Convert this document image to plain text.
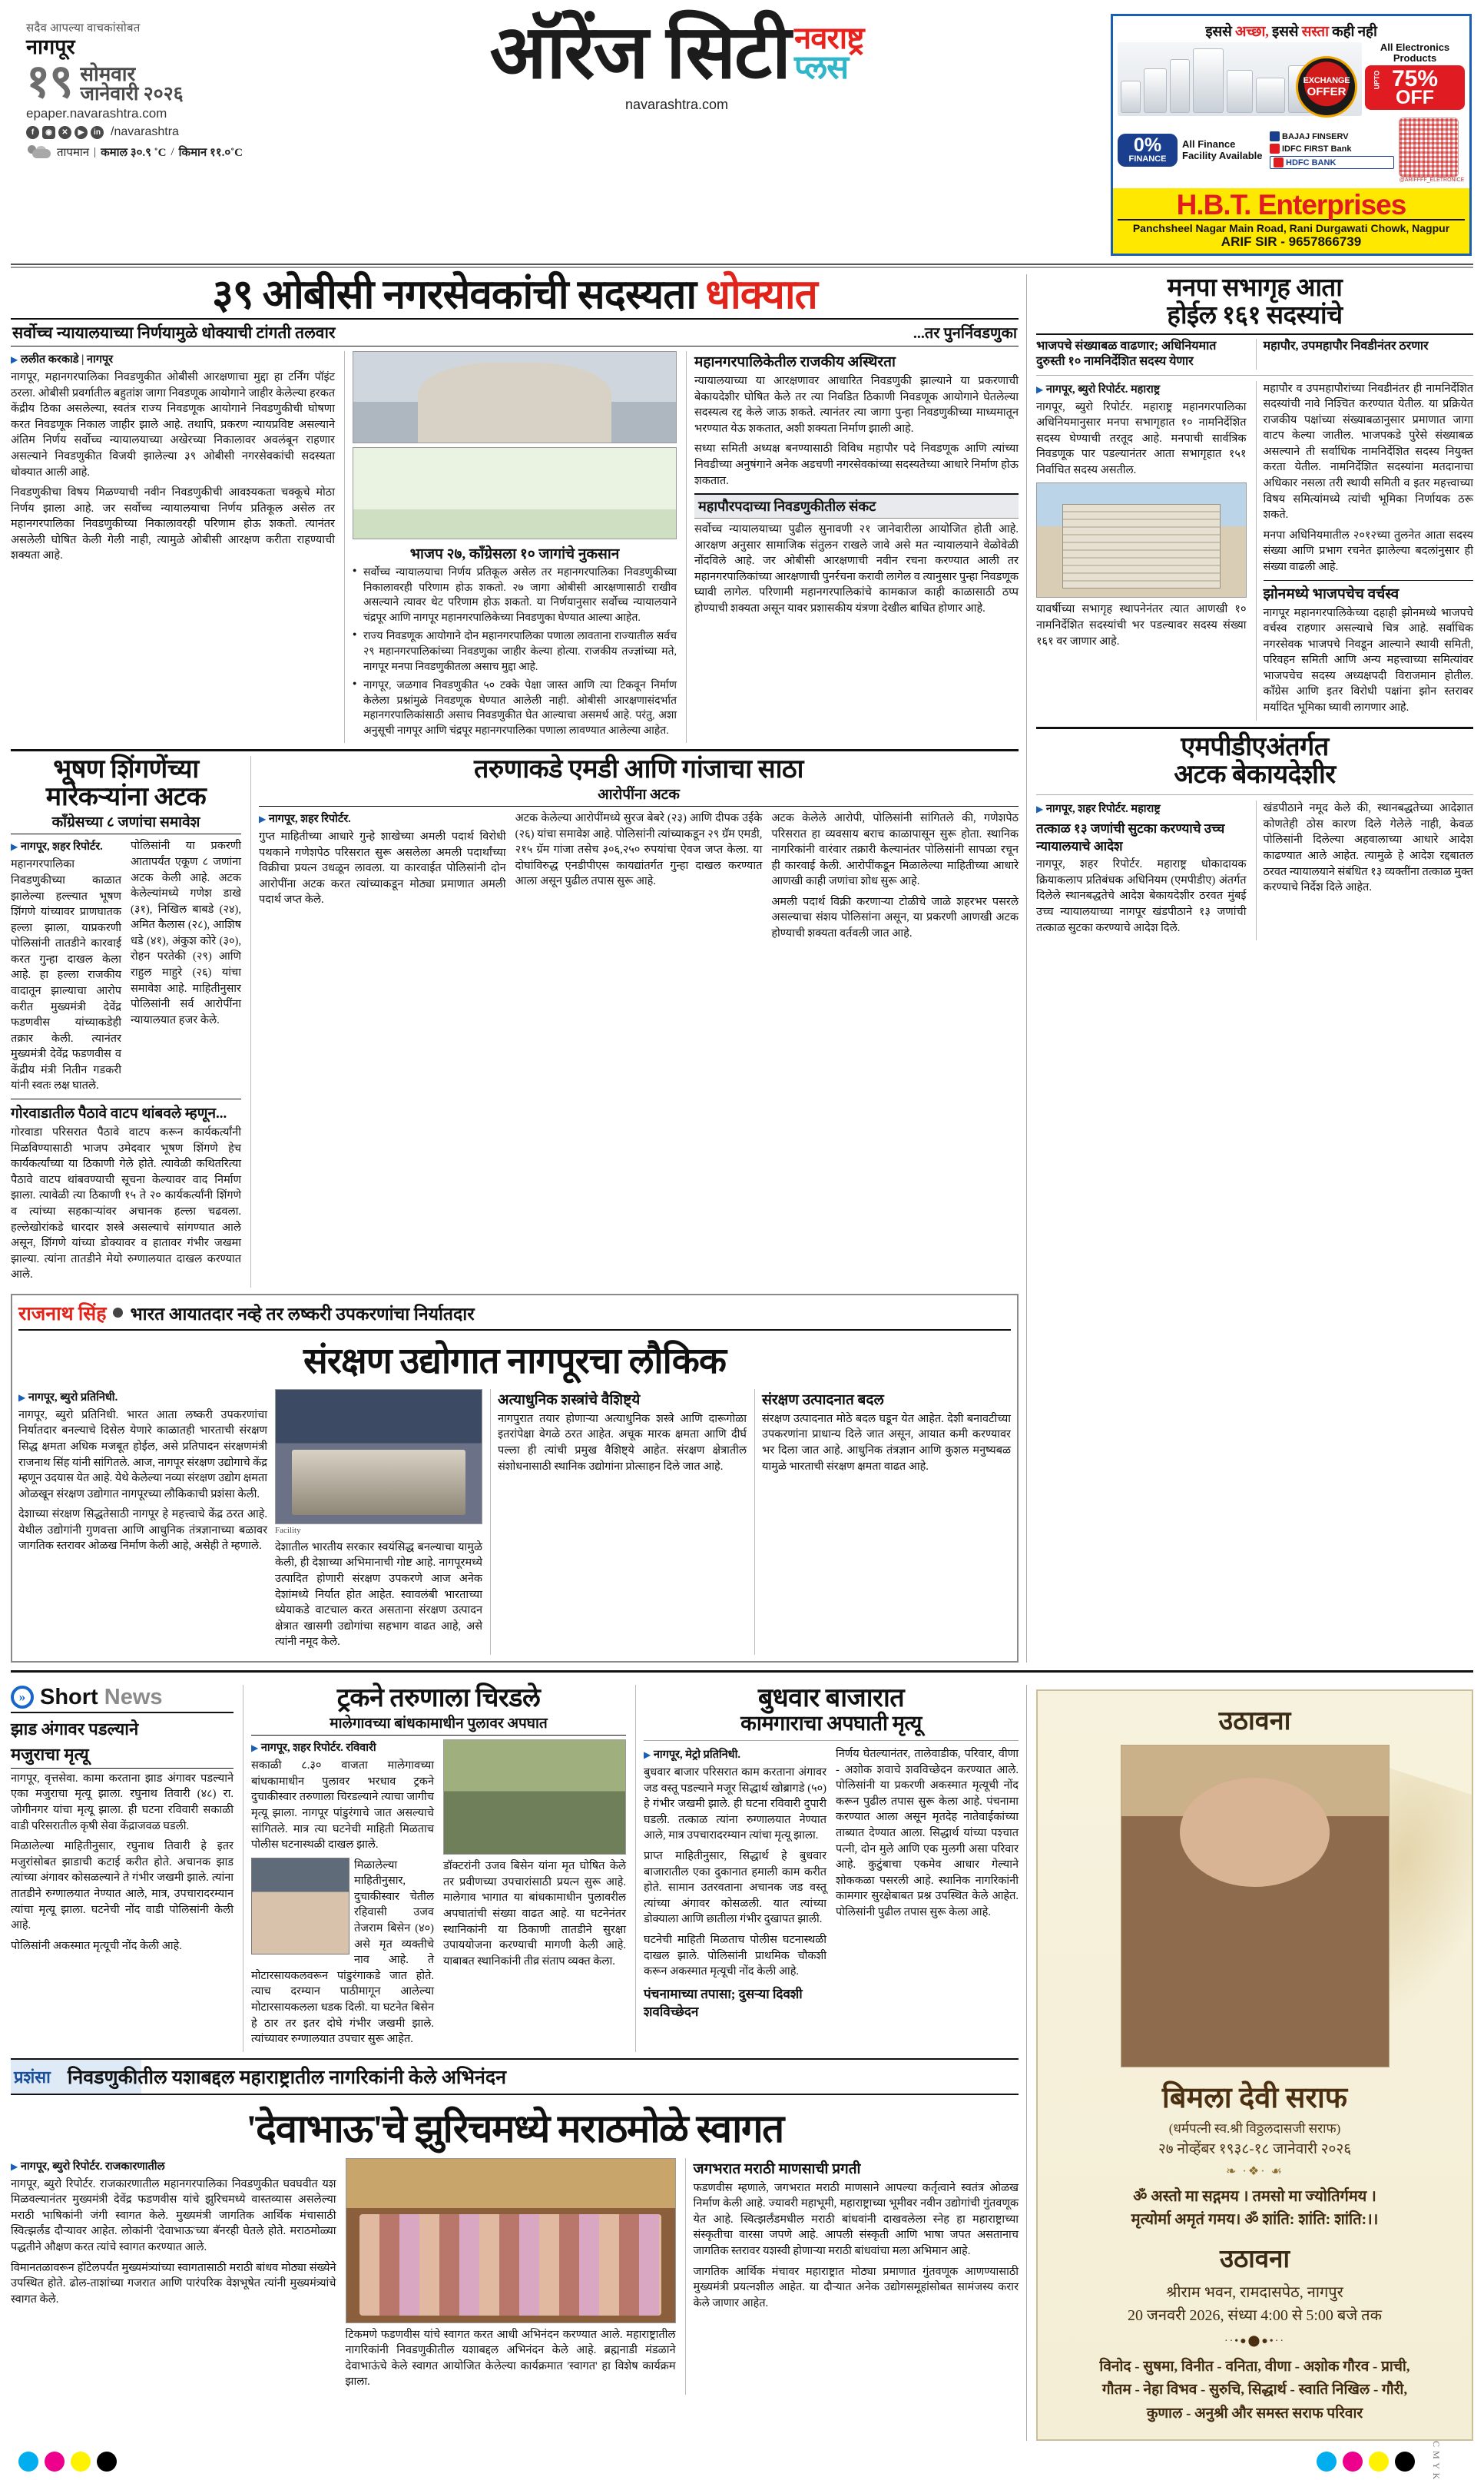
सदैव आपल्या वाचकांसोबत
नागपूर
१९ सोमवार
जानेवारी २०२६
epaper.navarashtra.com
f	◉	✕	▶	in /navarashtra
तापमान | कमाल ३०.९ ˚C / किमान ११.०˚C
ऑरेंज सिटी नवराष्ट्र
प्लस
navarashtra.com
इससे अच्छा, इससे सस्ता कही नही
All Electronics Products
UPTO 75%
OFF
EXCHANGE
OFFER
0%
FINANCE
All Finance Facility Available
BAJAJ FINSERV
IDFC FIRST Bank
HDFC BANK
@ARIFFFF_ELETRONICE
H.B.T. Enterprises
Panchsheel Nagar Main Road, Rani Durgawati Chowk, Nagpur
ARIF SIR - 9657866739
३९ ओबीसी नगरसेवकांची सदस्यता धोक्यात
सर्वोच्च न्यायालयाच्या निर्णयामुळे धोक्याची टांगती तलवार	...तर पुनर्निवडणुका
▶ ललीत करकाडे | नागपूर

नागपूर, महानगरपालिका निवडणुकीत ओबीसी आरक्षणाचा मुद्दा हा टर्निंग पॉइंट ठरला. ओबीसी प्रवर्गातील बहुतांश जागा निवडणूक आयोगाने जाहीर केलेल्या हरकत केंद्रीय ठिका असलेल्या, स्वतंत्र राज्य निवडणूक आयोगाने निवडणुकीची घोषणा करत निवडणूक निकाल जाहीर झाले आहे. तथापि, प्रकरण न्यायप्रविष्ट असल्याने अंतिम निर्णय सर्वोच्च न्यायालयाच्या अखेरच्या निकालावर अवलंबून राहणार असल्याने निवडणुकीत विजयी झालेल्या ३९ ओबीसी नगरसेवकांची सदस्यता धोक्यात आली आहे.

निवडणुकीचा विषय मिळण्याची नवीन निवडणुकीची आवश्यकता चक्कूचे मोठा निर्णय झाला आहे. जर सर्वोच्च न्यायालयाचा निर्णय प्रतिकूल असेल तर महानगरपालिका निवडणुकीच्या निकालावरही परिणाम होऊ शकतो. त्यानंतर असलेली घोषित केली गेली नाही, त्यामुळे ओबीसी आरक्षण करीता राहण्याची शक्यता आहे.	भाजप २७, काँग्रेसला १० जागांचे नुकसान
● सर्वोच्च न्यायालयाचा निर्णय प्रतिकूल असेल तर महानगरपालिका निवडणुकीच्या निकालावरही परिणाम होऊ शकतो. २७ जागा ओबीसी आरक्षणासाठी राखीव असल्याने त्यावर थेट परिणाम होऊ शकतो. या निर्णयानुसार सर्वोच्च न्यायालयाने चंद्रपूर आणि नागपूर महानगरपालिकेच्या निवडणुका घेण्यात आल्या आहेत.
● राज्य निवडणूक आयोगाने दोन महानगरपालिका पणाला लावताना राज्यातील सर्वच २९ महानगरपालिकांच्या निवडणुका जाहीर केल्या होत्या. राजकीय तज्ज्ञांच्या मते, नागपूर मनपा निवडणुकीतला असाच मुद्दा आहे.
● नागपूर, जळगाव निवडणुकीत ५० टक्के पेक्षा जास्त आणि त्या टिकवून निर्माण केलेला प्रश्नांमुळे निवडणूक घेण्यात आलेली नाही. ओबीसी आरक्षणासंदर्भात महानगरपालिकांसाठी असाच निवडणुकीत घेत आल्याचा असमर्थ आहे. परंतु, अशा अनुसूची नागपूर आणि चंद्रपूर महानगरपालिका पणाला लावण्यात आलेल्या आहेत.
महानगरपालिकेतील राजकीय अस्थिरता

न्यायालयाच्या या आरक्षणावर आधारित निवडणुकी झाल्याने या प्रकरणाची बेकायदेशीर घोषित केले तर त्या निवडित ठिकाणी निवडणूक आयोगाने घेतलेल्या सदस्यत्व रद्द केले जाऊ शकते. त्यानंतर त्या जागा पुन्हा निवडणुकीच्या माध्यमातून भरण्यात येऊ शकतात, अशी शक्यता निर्माण झाली आहे.

सध्या समिती अध्यक्ष बनण्यासाठी विविध महापौर पदे निवडणूक आणि त्यांच्या निवडीच्या अनुषंगाने अनेक अडचणी नगरसेवकांच्या सदस्यतेच्या आधारे निर्माण होऊ शकतात.

महापौरपदाच्या निवडणुकीतील संकट

सर्वोच्च न्यायालयाच्या पुढील सुनावणी २१ जानेवारीला आयोजित होती आहे. आरक्षण अनुसार सामाजिक संतुलन राखले जावे असे मत न्यायालयाने वेळोवेळी नोंदविले आहे. जर ओबीसी आरक्षणाची नवीन रचना करण्यात आली तर महानगरपालिकांच्या आरक्षणाची पुनर्रचना करावी लागेल व त्यानुसार पुन्हा निवडणूक घ्यावी लागेल. परिणामी महानगरपालिकांचे कामकाज काही काळासाठी ठप्प होण्याची शक्यता असून यावर प्रशासकीय यंत्रणा देखील बाधित होणार आहे.

भूषण शिंगणेंच्या
मारेकऱ्यांना अटक
काँग्रेसच्या ८ जणांचा समावेश
▶ नागपूर, शहर रिपोर्टर.

महानगरपालिका निवडणुकीच्या काळात झालेल्या हल्ल्यात भूषण शिंगणे यांच्यावर प्राणघातक हल्ला झाला, याप्रकरणी पोलिसांनी तातडीने कारवाई करत गुन्हा दाखल केला आहे. हा हल्ला राजकीय वादातून झाल्याचा आरोप करीत मुख्यमंत्री देवेंद्र फडणवीस यांच्याकडेही तक्रार केली. त्यानंतर मुख्यमंत्री देवेंद्र फडणवीस व केंद्रीय मंत्री नितीन गडकरी यांनी स्वतः लक्ष घातले.

पोलिसांनी या प्रकरणी आतापर्यंत एकूण ८ जणांना अटक केली आहे. अटक केलेल्यांमध्ये गणेश डाखे (३१), निखिल बाबडे (२४), अमित कैलास (२८), आशिष धडे (४१), अंकुश कोरे (३०), रोहन परतेकी (२९) आणि राहुल माहुरे (२६) यांचा समावेश आहे. माहितीनुसार पोलिसांनी सर्व आरोपींना न्यायालयात हजर केले.

गोरवाडातील पैठावे वाटप थांबवले म्हणून...

गोरवाडा परिसरात पैठावे वाटप करून कार्यकर्त्यांनी मिळविण्यासाठी भाजप उमेदवार भूषण शिंगणे हेच कार्यकर्त्यांच्या या ठिकाणी गेले होते. त्यावेळी कथितरित्या पैठावे वाटप थांबवण्याची सूचना केल्यावर वाद निर्माण झाला. त्यावेळी त्या ठिकाणी १५ ते २० कार्यकर्त्यांनी शिंगणे व त्यांच्या सहकाऱ्यांवर अचानक हल्ला चढवला. हल्लेखोरांकडे धारदार शस्त्रे असल्याचे सांगण्यात आले असून, शिंगणे यांच्या डोक्यावर व हातावर गंभीर जखमा झाल्या. त्यांना तातडीने मेयो रुग्णालयात दाखल करण्यात आले.

तरुणाकडे एमडी आणि गांजाचा साठा
आरोपींना अटक
▶ नागपूर, शहर रिपोर्टर.

गुप्त माहितीच्या आधारे गुन्हे शाखेच्या अमली पदार्थ विरोधी पथकाने गणेशपेठ परिसरात सुरू असलेला अमली पदार्थांच्या विक्रीचा प्रयत्न उधळून लावला. या कारवाईत पोलिसांनी दोन आरोपींना अटक करत त्यांच्याकडून मोठ्या प्रमाणात अमली पदार्थ जप्त केले.

अटक केलेल्या आरोपींमध्ये सुरज बेबरे (२३) आणि दीपक उईके (२६) यांचा समावेश आहे. पोलिसांनी त्यांच्याकडून २९ ग्रॅम एमडी, २१५ ग्रॅम गांजा तसेच ३०६,२५० रुपयांचा ऐवज जप्त केला. या दोघांविरुद्ध एनडीपीएस कायद्यांतर्गत गुन्हा दाखल करण्यात आला असून पुढील तपास सुरू आहे.

अटक केलेले आरोपी, पोलिसांनी सांगितले की, गणेशपेठ परिसरात हा व्यवसाय बराच काळापासून सुरू होता. स्थानिक नागरिकांनी वारंवार तक्रारी केल्यानंतर पोलिसांनी सापळा रचून ही कारवाई केली. आरोपींकडून मिळालेल्या माहितीच्या आधारे आणखी काही जणांचा शोध सुरू आहे.

अमली पदार्थ विक्री करणाऱ्या टोळीचे जाळे शहरभर पसरले असल्याचा संशय पोलिसांना असून, या प्रकरणी आणखी अटक होण्याची शक्यता वर्तवली जात आहे.

राजनाथ सिंह भारत आयातदार नव्हे तर लष्करी उपकरणांचा निर्यातदार
संरक्षण उद्योगात नागपूरचा लौकिक
▶ नागपूर, ब्युरो प्रतिनिधी.

नागपूर, ब्युरो प्रतिनिधी. भारत आता लष्करी उपकरणांचा निर्यातदार बनल्याचे दिसेल येणारे काळातही भारताची संरक्षण सिद्ध क्षमता अधिक मजबूत होईल, असे प्रतिपादन संरक्षणमंत्री राजनाथ सिंह यांनी सांगितले. आज, नागपूर संरक्षण उद्योगाचे केंद्र म्हणून उदयास येत आहे. येथे केलेल्या नव्या संरक्षण उद्योग क्षमता ओळखून संरक्षण उद्योगात नागपूरच्या लौकिकाची प्रशंसा केली.

देशाच्या संरक्षण सिद्धतेसाठी नागपूर हे महत्त्वाचे केंद्र ठरत आहे. येथील उद्योगांनी गुणवत्ता आणि आधुनिक तंत्रज्ञानाच्या बळावर जागतिक स्तरावर ओळख निर्माण केली आहे, असेही ते म्हणाले.

Facility

देशातील भारतीय सरकार स्वयंसिद्ध बनल्याचा यामुळे केली, ही देशाच्या अभिमानाची गोष्ट आहे. नागपूरमध्ये उत्पादित होणारी संरक्षण उपकरणे आज अनेक देशांमध्ये निर्यात होत आहेत. स्वावलंबी भारताच्या ध्येयाकडे वाटचाल करत असताना संरक्षण उत्पादन क्षेत्रात खासगी उद्योगांचा सहभाग वाढत आहे, असे त्यांनी नमूद केले.

अत्याधुनिक शस्त्रांचे वैशिष्ट्ये

नागपुरात तयार होणाऱ्या अत्याधुनिक शस्त्रे आणि दारूगोळा इतरांपेक्षा वेगळे ठरत आहेत. अचूक मारक क्षमता आणि दीर्घ पल्ला ही त्यांची प्रमुख वैशिष्ट्ये आहेत. संरक्षण क्षेत्रातील संशोधनासाठी स्थानिक उद्योगांना प्रोत्साहन दिले जात आहे.

संरक्षण उत्पादनात बदल

संरक्षण उत्पादनात मोठे बदल घडून येत आहेत. देशी बनावटीच्या उपकरणांना प्राधान्य दिले जात असून, आयात कमी करण्यावर भर दिला जात आहे. आधुनिक तंत्रज्ञान आणि कुशल मनुष्यबळ यामुळे भारताची संरक्षण क्षमता वाढत आहे.

मनपा सभागृह आता
होईल १६१ सदस्यांचे
भाजपचे संख्याबळ वाढणार; अधिनियमात दुरुस्ती १० नामनिर्देशित सदस्य येणार
महापौर, उपमहापौर निवडीनंतर ठरणार
▶ नागपूर, ब्युरो रिपोर्टर. महाराष्ट्र

नागपूर, ब्युरो रिपोर्टर. महाराष्ट्र महानगरपालिका अधिनियमानुसार मनपा सभागृहात १० नामनिर्देशित सदस्य घेण्याची तरतूद आहे. मनपाची सार्वत्रिक निवडणूक पार पडल्यानंतर आता सभागृहात १५१ निर्वाचित सदस्य असतील.

यावर्षीच्या सभागृह स्थापनेनंतर त्यात आणखी १० नामनिर्देशित सदस्यांची भर पडल्यावर सदस्य संख्या १६१ वर जाणार आहे.

महापौर व उपमहापौरांच्या निवडीनंतर ही नामनिर्देशित सदस्यांची नावे निश्चित करण्यात येतील. या प्रक्रियेत राजकीय पक्षांच्या संख्याबळानुसार प्रमाणात जागा वाटप केल्या जातील. भाजपकडे पुरेसे संख्याबळ असल्याने ती सर्वाधिक नामनिर्देशित सदस्य नियुक्त करता येतील. नामनिर्देशित सदस्यांना मतदानाचा अधिकार नसला तरी स्थायी समिती व इतर महत्त्वाच्या विषय समित्यांमध्ये त्यांची भूमिका निर्णायक ठरू शकते.

मनपा अधिनियमातील २०१२च्या तुलनेत आता सदस्य संख्या आणि प्रभाग रचनेत झालेल्या बदलांनुसार ही संख्या वाढली आहे.

झोनमध्ये भाजपचेच वर्चस्व

नागपूर महानगरपालिकेच्या दहाही झोनमध्ये भाजपचे वर्चस्व राहणार असल्याचे चित्र आहे. सर्वाधिक नगरसेवक भाजपचे निवडून आल्याने स्थायी समिती, परिवहन समिती आणि अन्य महत्त्वाच्या समित्यांवर भाजपचेच सदस्य अध्यक्षपदी विराजमान होतील. काँग्रेस आणि इतर विरोधी पक्षांना झोन स्तरावर मर्यादित भूमिका घ्यावी लागणार आहे.

एमपीडीएअंतर्गत
अटक बेकायदेशीर
▶ नागपूर, शहर रिपोर्टर. महाराष्ट्र
तत्काळ १३ जणांची सुटका करण्याचे उच्च न्यायालयाचे आदेश

नागपूर, शहर रिपोर्टर. महाराष्ट्र धोकादायक क्रियाकलाप प्रतिबंधक अधिनियम (एमपीडीए) अंतर्गत दिलेले स्थानबद्धतेचे आदेश बेकायदेशीर ठरवत मुंबई उच्च न्यायालयाच्या नागपूर खंडपीठाने १३ जणांची तत्काळ सुटका करण्याचे आदेश दिले.

खंडपीठाने नमूद केले की, स्थानबद्धतेच्या आदेशात कोणतेही ठोस कारण दिले गेलेले नाही, केवळ पोलिसांनी दिलेल्या अहवालाच्या आधारे आदेश काढण्यात आले आहेत. त्यामुळे हे आदेश रद्दबातल ठरवत न्यायालयाने संबंधित १३ व्यक्तींना तत्काळ मुक्त करण्याचे निर्देश दिले आहेत.

» Short News
झाड अंगावर पडल्याने
मजुराचा मृत्यू

नागपूर, वृत्तसेवा. कामा करताना झाड अंगावर पडल्याने एका मजुराचा मृत्यू झाला. रघुनाथ तिवारी (४८) रा. जोगीनगर यांचा मृत्यू झाला. ही घटना रविवारी सकाळी वाडी परिसरातील कृषी सेवा केंद्राजवळ घडली.

मिळालेल्या माहितीनुसार, रघुनाथ तिवारी हे इतर मजुरांसोबत झाडाची कटाई करीत होते. अचानक झाड त्यांच्या अंगावर कोसळल्याने ते गंभीर जखमी झाले. त्यांना तातडीने रुग्णालयात नेण्यात आले, मात्र, उपचारादरम्यान त्यांचा मृत्यू झाला. घटनेची नोंद वाडी पोलिसांनी केली आहे.

पोलिसांनी अकस्मात मृत्यूची नोंद केली आहे.

ट्रकने तरुणाला चिरडले
मालेगावच्या बांधकामाधीन पुलावर अपघात
▶ नागपूर, शहर रिपोर्टर. रविवारी

सकाळी ८.३० वाजता मालेगावच्या बांधकामाधीन पुलावर भरधाव ट्रकने दुचाकीस्वार तरुणाला चिरडल्याने त्याचा जागीच मृत्यू झाला. नागपूर पांडुरंगाचे जात असल्याचे सांगितले. मात्र त्या घटनेची माहिती मिळताच पोलीस घटनास्थळी दाखल झाले.

मिळालेल्या माहितीनुसार, दुचाकीस्वार चेतील रहिवासी उजव तेजराम बिसेन (४०) असे मृत व्यक्तीचे नाव आहे. ते मोटारसायकलवरून पांडुरंगाकडे जात होते. त्याच दरम्यान पाठीमागून आलेल्या मोटारसायकलला धडक दिली. या घटनेत बिसेन हे ठार तर इतर दोघे गंभीर जखमी झाले. त्यांच्यावर रुग्णालयात उपचार सुरू आहेत.

डॉक्टरांनी उजव बिसेन यांना मृत घोषित केले तर प्रवीणच्या उपचारांसाठी प्रयत्न सुरू आहे. मालेगाव भागात या बांधकामाधीन पुलावरील अपघातांची संख्या वाढत आहे. या घटनेनंतर स्थानिकांनी या ठिकाणी तातडीने सुरक्षा उपाययोजना करण्याची मागणी केली आहे. याबाबत स्थानिकांनी तीव्र संताप व्यक्त केला.

बुधवार बाजारात
कामगाराचा अपघाती मृत्यू
▶ नागपूर, मेट्रो प्रतिनिधी.

बुधवार बाजार परिसरात काम करताना अंगावर जड वस्तू पडल्याने मजूर सिद्धार्थ खोब्रागडे (५०) हे गंभीर जखमी झाले. ही घटना रविवारी दुपारी घडली. तत्काळ त्यांना रुग्णालयात नेण्यात आले, मात्र उपचारादरम्यान त्यांचा मृत्यू झाला.

प्राप्त माहितीनुसार, सिद्धार्थ हे बुधवार बाजारातील एका दुकानात हमाली काम करीत होते. सामान उतरवताना अचानक जड वस्तू त्यांच्या अंगावर कोसळली. यात त्यांच्या डोक्याला आणि छातीला गंभीर दुखापत झाली.

घटनेची माहिती मिळताच पोलीस घटनास्थळी दाखल झाले. पोलिसांनी प्राथमिक चौकशी करून अकस्मात मृत्यूची नोंद केली आहे.

पंचनामाच्या तपासा; दुसऱ्या दिवशी शवविच्छेदन

निर्णय घेतल्यानंतर, तालेवाडीक, परिवार, वीणा - अशोक शवाचे शवविच्छेदन करण्यात आले. पोलिसांनी या प्रकरणी अकस्मात मृत्यूची नोंद करून पुढील तपास सुरू केला आहे. पंचनामा करण्यात आला असून मृतदेह नातेवाईकांच्या ताब्यात देण्यात आला. सिद्धार्थ यांच्या पश्चात पत्नी, दोन मुले आणि एक मुलगी असा परिवार आहे. कुटुंबाचा एकमेव आधार गेल्याने शोककळा पसरली आहे. स्थानिक नागरिकांनी कामगार सुरक्षेबाबत प्रश्न उपस्थित केले आहेत. पोलिसांनी पुढील तपास सुरू केला आहे.

प्रशंसा निवडणुकीतील यशाबद्दल महाराष्ट्रातील नागरिकांनी केले अभिनंदन
'देवाभाऊ'चे झुरिचमध्ये मराठमोळे स्वागत
▶ नागपूर, ब्युरो रिपोर्टर. राजकारणातील

नागपूर, ब्युरो रिपोर्टर. राजकारणातील महानगरपालिका निवडणुकीत घवघवीत यश मिळवल्यानंतर मुख्यमंत्री देवेंद्र फडणवीस यांचे झुरिचमध्ये वास्तव्यास असलेल्या मराठी भाषिकांनी जंगी स्वागत केले. मुख्यमंत्री जागतिक आर्थिक मंचासाठी स्वित्झर्लंड दौऱ्यावर आहेत. लोकांनी 'देवाभाऊ'च्या बॅनरही घेतले होते. मराठमोळ्या पद्धतीने औक्षण करत त्यांचे स्वागत करण्यात आले.

विमानतळावरून हॉटेलपर्यंत मुख्यमंत्र्यांच्या स्वागतासाठी मराठी बांधव मोठ्या संख्येने उपस्थित होते. ढोल-ताशांच्या गजरात आणि पारंपरिक वेशभूषेत त्यांनी मुख्यमंत्र्यांचे स्वागत केले.

टिकमणे फडणवीस यांचे स्वागत करत आधी अभिनंदन करण्यात आले. महाराष्ट्रातील नागरिकांनी निवडणुकीतील यशाबद्दल अभिनंदन केले आहे. ब्रह्मनाडी मंडळाने देवाभाऊंचे केले स्वागत आयोजित केलेल्या कार्यक्रमात 'स्वागत' हा विशेष कार्यक्रम झाला.

जगभरात मराठी माणसाची प्रगती

फडणवीस म्हणाले, जगभरात मराठी माणसाने आपल्या कर्तृत्वाने स्वतंत्र ओळख निर्माण केली आहे. ज्यावरी महाभूमी, महाराष्ट्राच्या भूमीवर नवीन उद्योगांची गुंतवणूक येत आहे. स्वित्झर्लंडमधील मराठी बांधवांनी दाखवलेला स्नेह हा महाराष्ट्राच्या संस्कृतीचा वारसा जपणे आहे. आपली संस्कृती आणि भाषा जपत असतानाच जागतिक स्तरावर यशस्वी होणाऱ्या मराठी बांधवांचा मला अभिमान आहे.

जागतिक आर्थिक मंचावर महाराष्ट्रात मोठ्या प्रमाणात गुंतवणूक आणण्यासाठी मुख्यमंत्री प्रयत्नशील आहेत. या दौऱ्यात अनेक उद्योगसमूहांसोबत सामंजस्य करार केले जाणार आहेत.

उठावना
बिमला देवी सराफ
(धर्मपत्नी स्व.श्री विठ्ठलदासजी सराफ)
२७ नोव्हेंबर १९३८-१८ जानेवारी २०२६
❧ ·❖· ☙
ॐ अस्तो मा सद्गमय । तमसो मा ज्योतिर्गमय ।
मृत्योर्मा अमृतं गमय। ॐ शांति: शांति: शांति:।।
उठावना
श्रीराम भवन, रामदासपेठ, नागपुर
20 जनवरी 2026, संध्या 4:00 से 5:00 बजे तक
··•●⬤●•··
विनोद - सुषमा, विनीत - वनिता, वीणा - अशोक गौरव - प्राची,
गौतम - नेहा विभव - सुरुचि, सिद्धार्थ - स्वाति निखिल - गौरी,
कुणाल - अनुश्री और समस्त सराफ परिवार
C M Y K
